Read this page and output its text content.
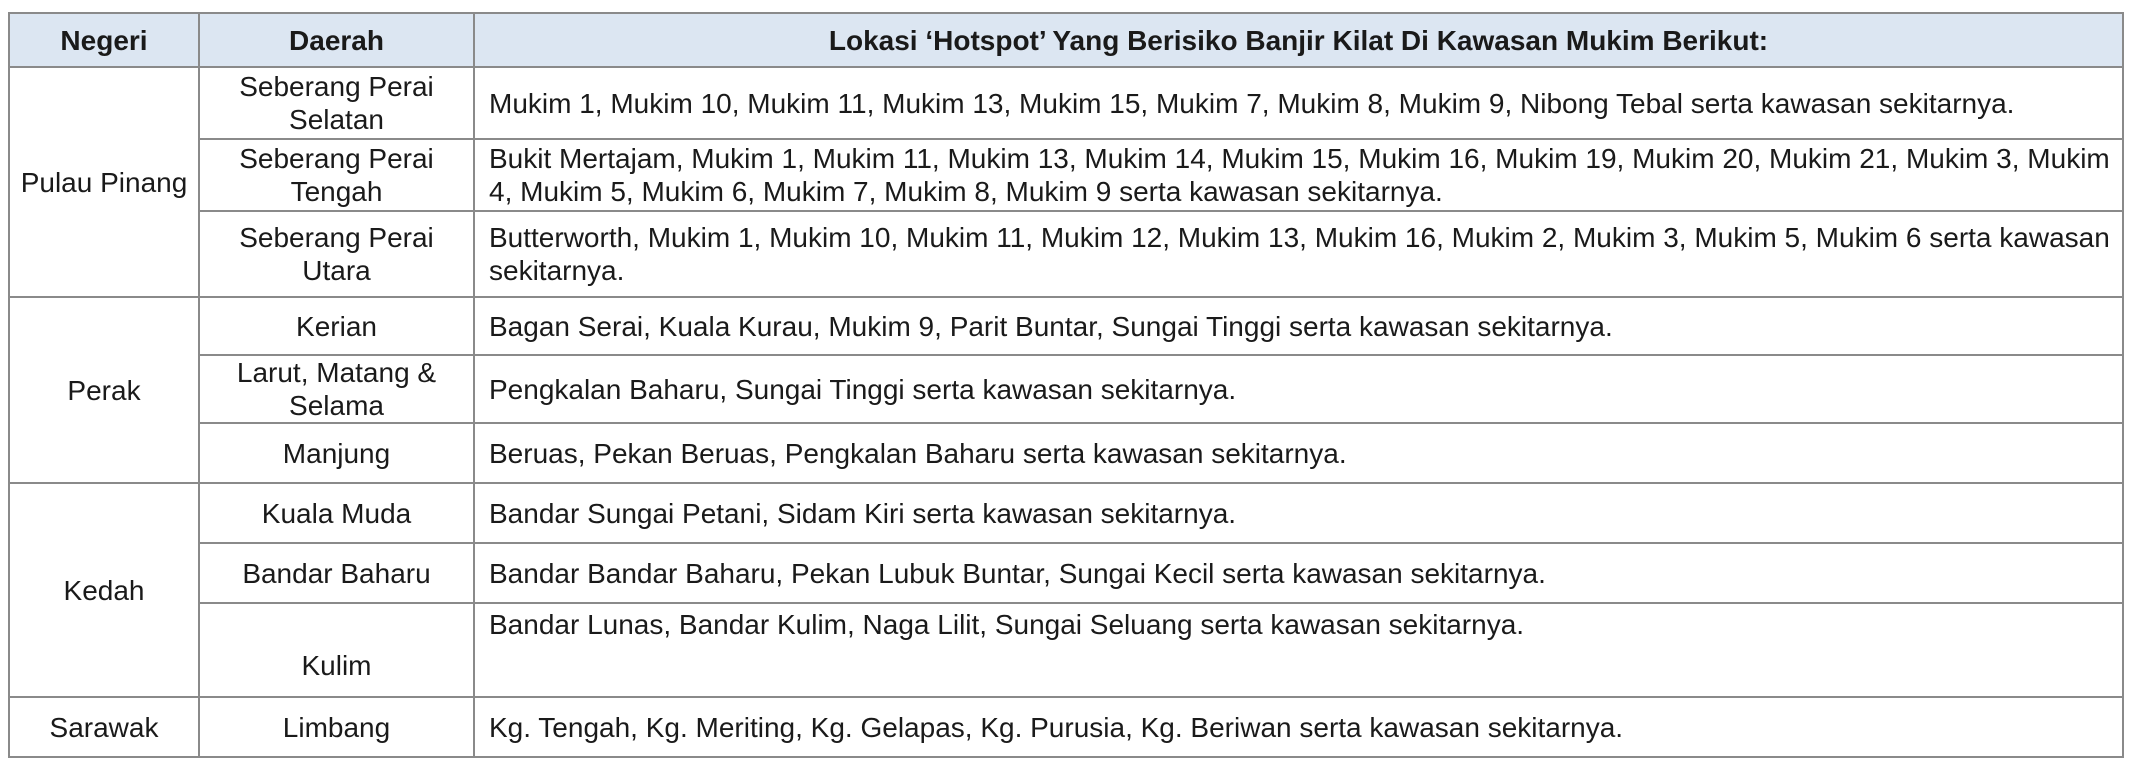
Negeri	Daerah	Lokasi ‘Hotspot’ Yang Berisiko Banjir Kilat Di Kawasan Mukim Berikut:
Pulau Pinang	Seberang Perai Selatan	Mukim 1, Mukim 10, Mukim 11, Mukim 13, Mukim 15, Mukim 7, Mukim 8, Mukim 9, Nibong Tebal serta kawasan sekitarnya.
	Seberang Perai Tengah	Bukit Mertajam, Mukim 1, Mukim 11, Mukim 13, Mukim 14, Mukim 15, Mukim 16, Mukim 19, Mukim 20, Mukim 21, Mukim 3, Mukim 4, Mukim 5, Mukim 6, Mukim 7, Mukim 8, Mukim 9 serta kawasan sekitarnya.
	Seberang Perai Utara	Butterworth, Mukim 1, Mukim 10, Mukim 11, Mukim 12, Mukim 13, Mukim 16, Mukim 2, Mukim 3, Mukim 5, Mukim 6 serta kawasan sekitarnya.
Perak	Kerian	Bagan Serai, Kuala Kurau, Mukim 9, Parit Buntar, Sungai Tinggi serta kawasan sekitarnya.
	Larut, Matang & Selama	Pengkalan Baharu, Sungai Tinggi serta kawasan sekitarnya.
	Manjung	Beruas, Pekan Beruas, Pengkalan Baharu serta kawasan sekitarnya.
Kedah	Kuala Muda	Bandar Sungai Petani, Sidam Kiri serta kawasan sekitarnya.
	Bandar Baharu	Bandar Bandar Baharu, Pekan Lubuk Buntar, Sungai Kecil serta kawasan sekitarnya.
	Kulim	Bandar Lunas, Bandar Kulim, Naga Lilit, Sungai Seluang serta kawasan sekitarnya.
Sarawak	Limbang	Kg. Tengah, Kg. Meriting, Kg. Gelapas, Kg. Purusia, Kg. Beriwan serta kawasan sekitarnya.
